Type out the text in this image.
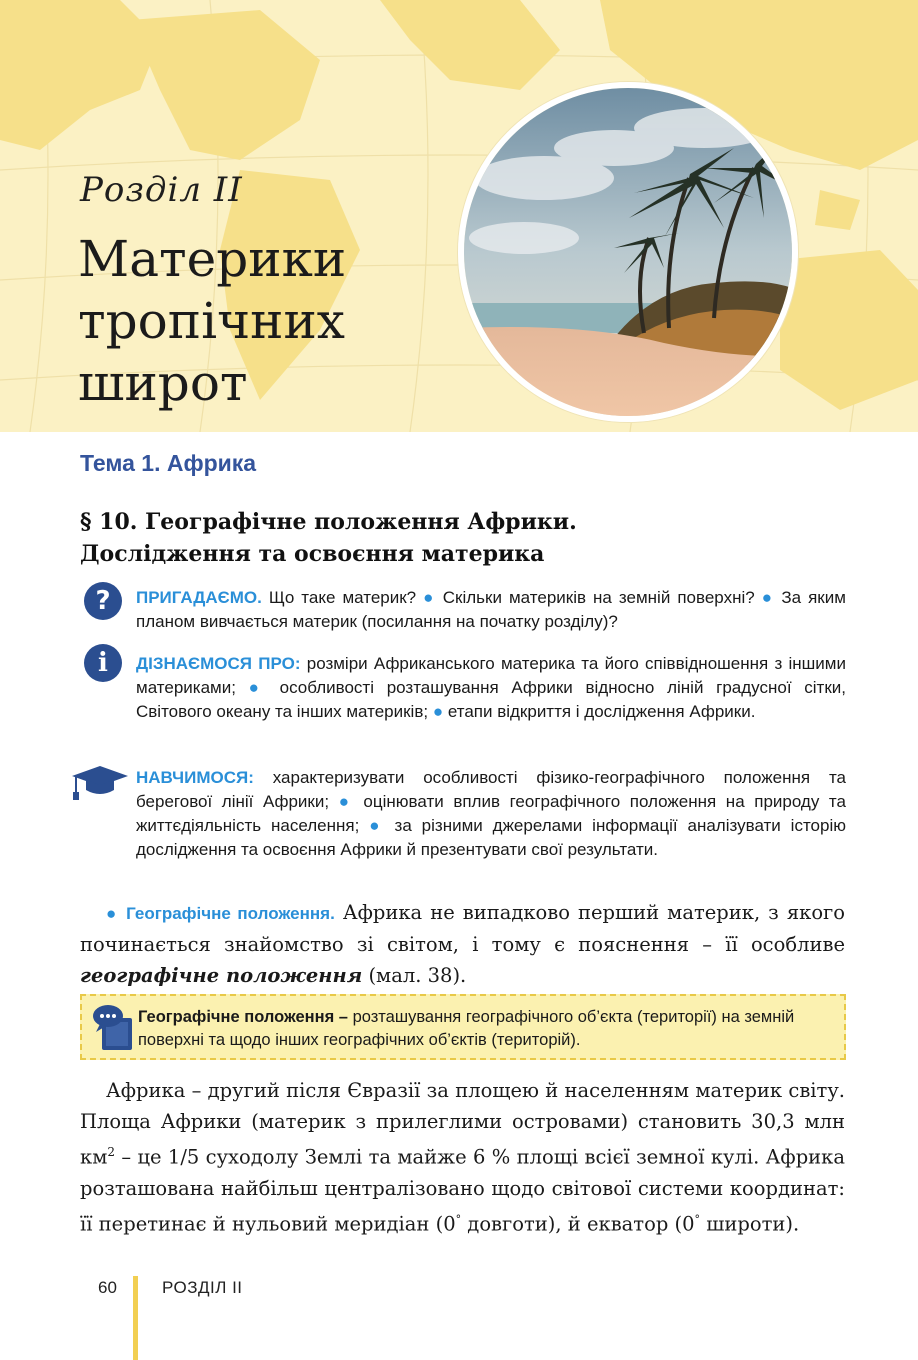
Розділ ІІ
Материки
тропічних
широт
Тема 1. Африка
§ 10. Географічне положення Африки.
Дослідження та освоєння материка
?	ПРИГАДАЄМО. Що таке материк? ● Скільки материків на земній поверхні? ● За яким планом вивчається материк (посилання на початку розділу)?
i	ДІЗНАЄМОСЯ ПРО: розміри Африканського материка та його співвідношення з іншими материками; ● особливості розташування Африки відносно ліній градусної сітки, Світового океану та інших материків; ● етапи відкриття і дослідження Африки.
НАВЧИМОСЯ: характеризувати особливості фізико-географічного положення та берегової лінії Африки; ● оцінювати вплив географічного положення на природу та життєдіяльність населення; ● за різними джерелами інформації аналізувати історію дослідження та освоєння Африки й презентувати свої результати.
● Географічне положення. Африка не випадково перший материк, з якого починається знайомство зі світом, і тому є пояснення – її особливе географічне положення (мал. 38).
Географічне положення – розташування географічного об’єкта (території) на земній поверхні та щодо інших географічних об’єктів (територій).
Африка – другий після Євразії за площею й населенням материк світу. Площа Африки (материк з прилеглими островами) становить 30,3 млн $км^2$ – це 1/5 суходолу Землі та майже 6 % площі всієї земної кулі. Африка розташована найбільш централізовано щодо світової системи координат: її перетинає й нульовий меридіан (0° довготи), й екватор (0° широти).
60	РОЗДІЛ ІІ
